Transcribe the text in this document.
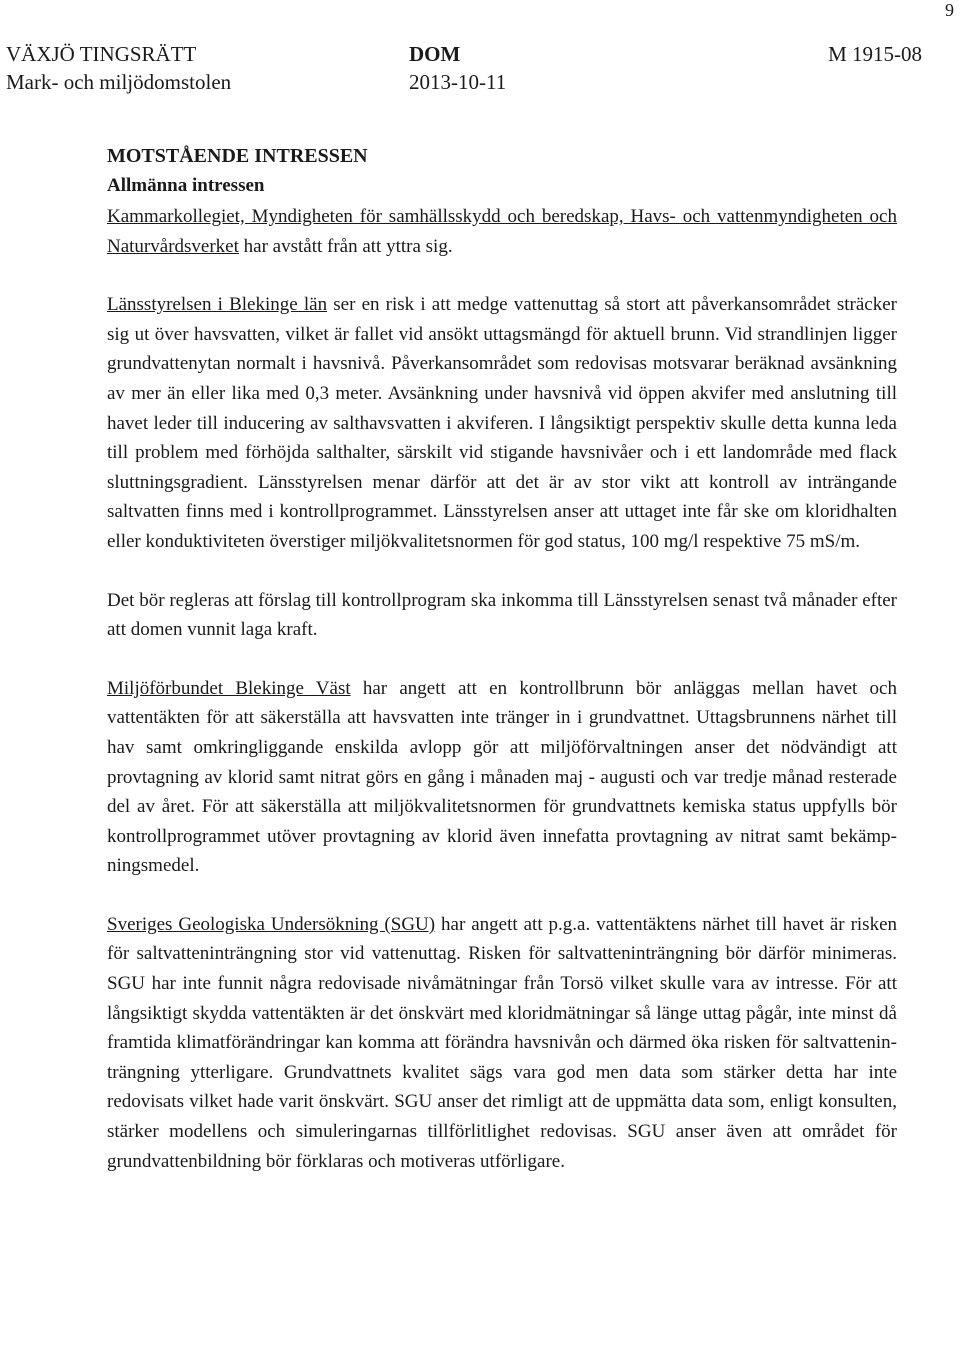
9
VÄXJÖ TINGSRÄTT	DOM	M 1915-08
Mark- och miljödomstolen	2013-10-11
MOTSTÅENDE INTRESSEN
Allmänna intressen

Kammarkollegiet, Myndigheten för samhällsskydd och beredskap, Havs- och vattenmyndigheten och Naturvårdsverket har avstått från att yttra sig.

Länsstyrelsen i Blekinge län ser en risk i att medge vattenuttag så stort att påverkansområdet sträcker sig ut över havsvatten, vilket är fallet vid ansökt uttagsmängd för aktuell brunn. Vid strandlinjen ligger grundvattenytan normalt i havsnivå. Påverkansområdet som redovisas motsvarar beräknad avsänkning av mer än eller lika med 0,3 meter. Avsänkning under havsnivå vid öppen akvifer med anslutning till havet leder till inducering av salthavsvatten i akviferen. I långsiktigt perspektiv skulle detta kunna leda till problem med förhöjda salthalter, särskilt vid stigande havsnivåer och i ett landområde med flack sluttningsgradient. Länsstyrelsen menar därför att det är av stor vikt att kontroll av inträngande saltvatten finns med i kontrollprogrammet. Länsstyrelsen anser att uttaget inte får ske om kloridhalten eller konduktiviteten överstiger miljökvalitetsnormen för god status, 100 mg/l respektive 75 mS/m.

Det bör regleras att förslag till kontrollprogram ska inkomma till Länsstyrelsen senast två månader efter att domen vunnit laga kraft.

Miljöförbundet Blekinge Väst har angett att en kontrollbrunn bör anläggas mellan havet och vattentäkten för att säkerställa att havsvatten inte tränger in i grundvattnet. Uttagsbrunnens närhet till hav samt omkringliggande enskilda avlopp gör att miljöförvaltningen anser det nödvändigt att provtagning av klorid samt nitrat görs en gång i månaden maj - augusti och var tredje månad resterade del av året. För att säkerställa att miljökvalitetsnormen för grundvattnets kemiska status uppfylls bör kontrollprogrammet utöver provtagning av klorid även innefatta provtagning av nitrat samt bekämpningsmedel.

Sveriges Geologiska Undersökning (SGU) har angett att p.g.a. vattentäktens närhet till havet är risken för saltvatteninträngning stor vid vattenuttag. Risken för saltvatteninträngning bör därför minimeras. SGU har inte funnit några redovisade nivåmätningar från Torsö vilket skulle vara av intresse. För att långsiktigt skydda vattentäkten är det önskvärt med kloridmätningar så länge uttag pågår, inte minst då framtida klimatförändringar kan komma att förändra havsnivån och därmed öka risken för saltvatteninträngning ytterligare. Grundvattnets kvalitet sägs vara god men data som stärker detta har inte redovisats vilket hade varit önskvärt. SGU anser det rimligt att de uppmätta data som, enligt konsulten, stärker modellens och simuleringarnas tillförlitlighet redovisas. SGU anser även att området för grundvattenbildning bör förklaras och motiveras utförligare.
